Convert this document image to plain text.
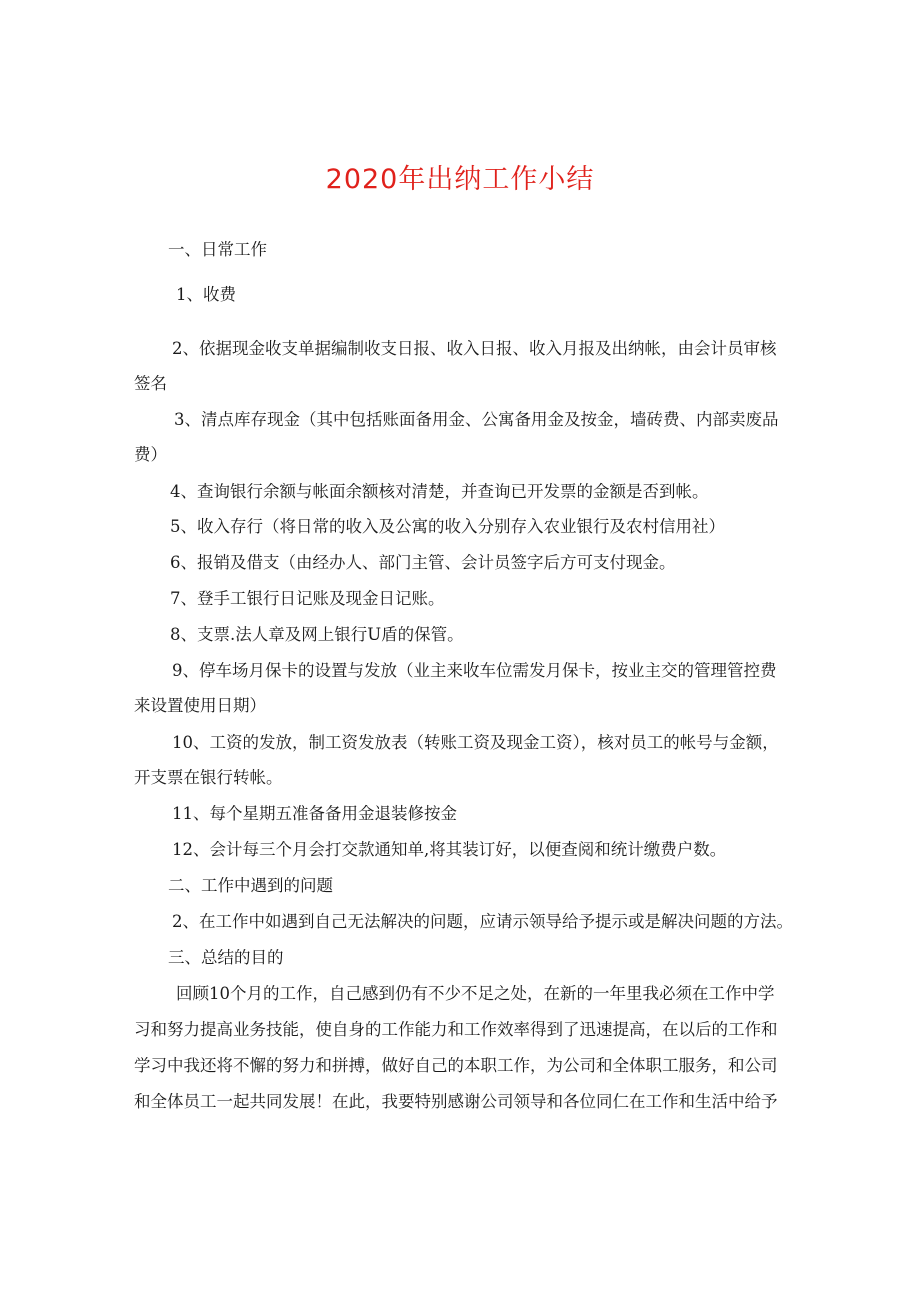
2020年出纳工作小结
一、日常工作
1、收费
2、依据现金收支单据编制收支日报、收入日报、收入月报及出纳帐，由会计员审核
签名
3、清点库存现金（其中包括账面备用金、公寓备用金及按金，墙砖费、内部卖废品
费）
4、查询银行余额与帐面余额核对清楚，并查询已开发票的金额是否到帐。
5、收入存行（将日常的收入及公寓的收入分别存入农业银行及农村信用社）
6、报销及借支（由经办人、部门主管、会计员签字后方可支付现金。
7、登手工银行日记账及现金日记账。
8、支票.法人章及网上银行U盾的保管。
9、停车场月保卡的设置与发放（业主来收车位需发月保卡，按业主交的管理管控费
来设置使用日期）
10、工资的发放，制工资发放表（转账工资及现金工资），核对员工的帐号与金额，
开支票在银行转帐。
11、每个星期五准备备用金退装修按金
12、会计每三个月会打交款通知单,将其装订好，以便查阅和统计缴费户数。
二、工作中遇到的问题
2、在工作中如遇到自己无法解决的问题，应请示领导给予提示或是解决问题的方法。
三、总结的目的
回顾10个月的工作，自己感到仍有不少不足之处，在新的一年里我必须在工作中学
习和努力提高业务技能，使自身的工作能力和工作效率得到了迅速提高，在以后的工作和
学习中我还将不懈的努力和拼搏，做好自己的本职工作，为公司和全体职工服务，和公司
和全体员工一起共同发展！在此，我要特别感谢公司领导和各位同仁在工作和生活中给予
